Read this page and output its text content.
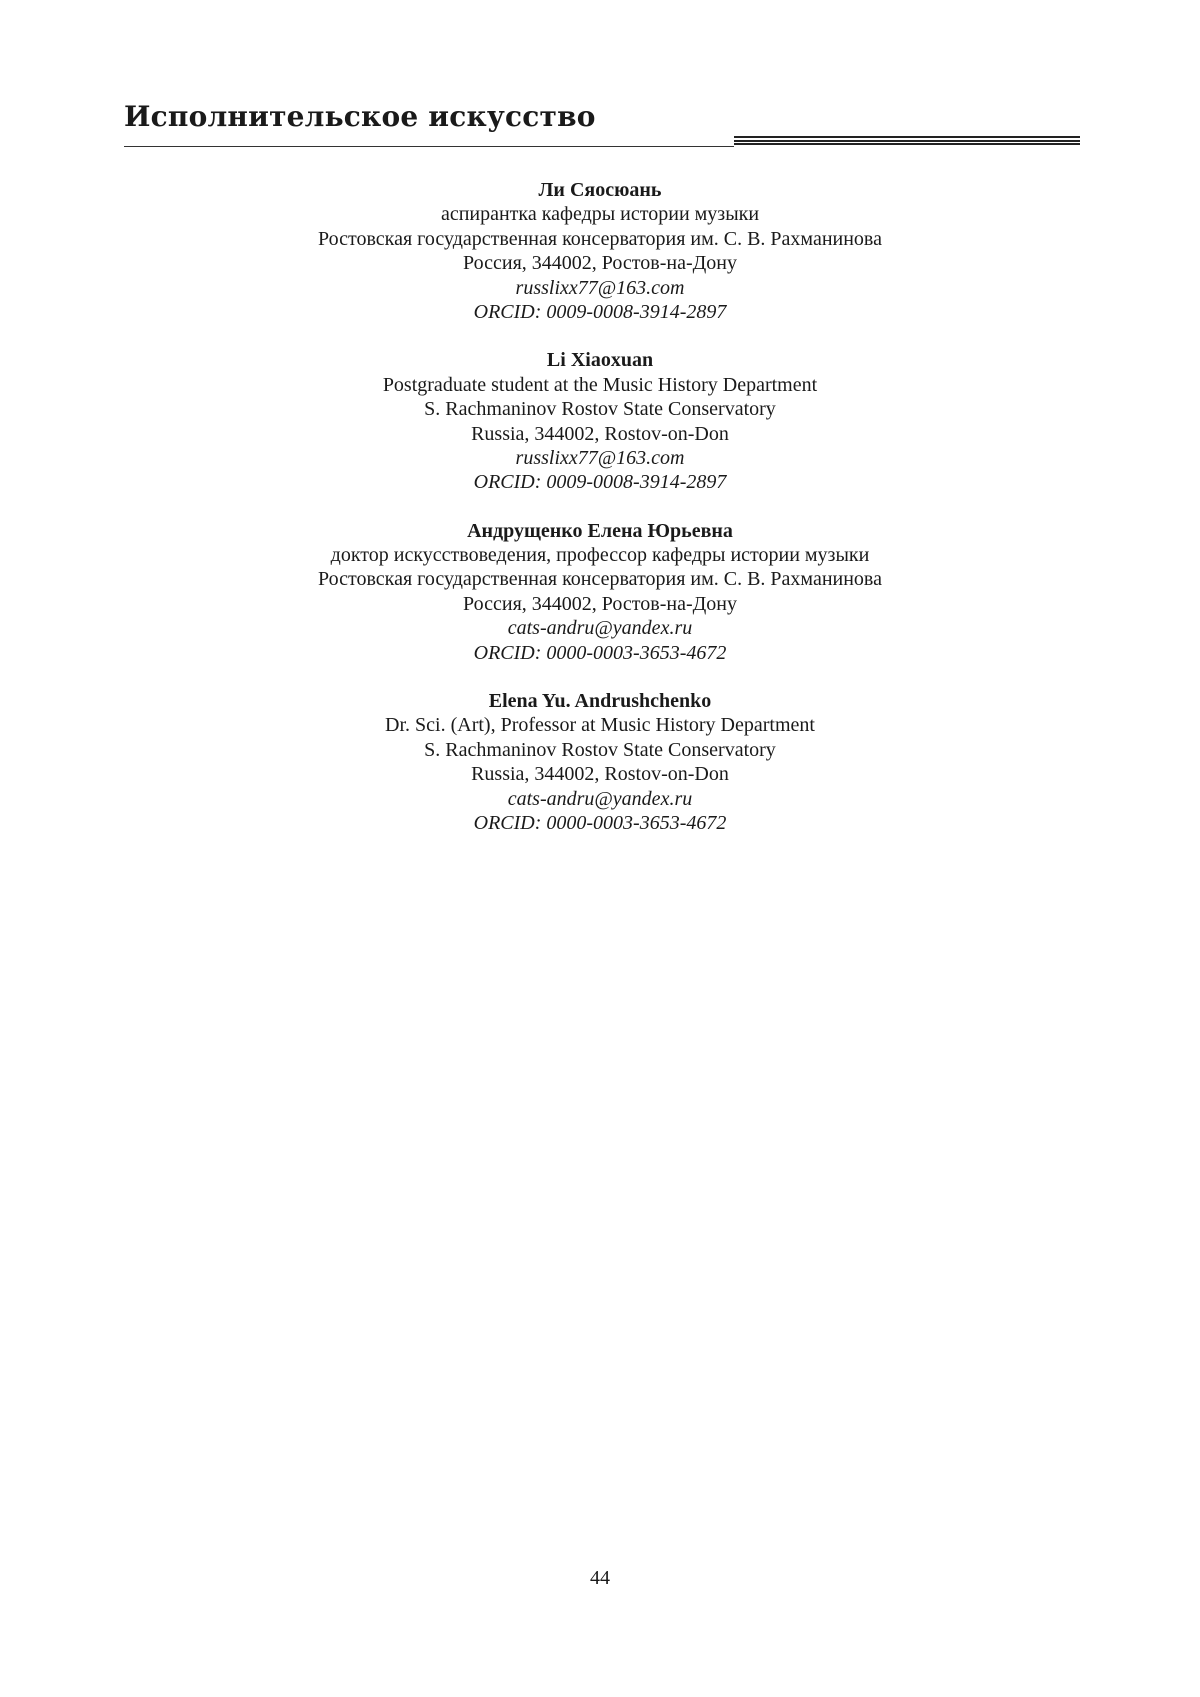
Исполнительское искусство
Ли Сяосюань
аспирантка кафедры истории музыки
Ростовская государственная консерватория им. С. В. Рахманинова
Россия, 344002, Ростов-на-Дону
russlixx77@163.com
ORCID: 0009-0008-3914-2897
Li Xiaoxuan
Postgraduate student at the Music History Department
S. Rachmaninov Rostov State Conservatory
Russia, 344002, Rostov-on-Don
russlixx77@163.com
ORCID: 0009-0008-3914-2897
Андрущенко Елена Юрьевна
доктор искусствоведения, профессор кафедры истории музыки
Ростовская государственная консерватория им. С. В. Рахманинова
Россия, 344002, Ростов-на-Дону
cats-andru@yandex.ru
ORCID: 0000-0003-3653-4672
Elena Yu. Andrushchenko
Dr. Sci. (Art), Professor at Music History Department
S. Rachmaninov Rostov State Conservatory
Russia, 344002, Rostov-on-Don
cats-andru@yandex.ru
ORCID: 0000-0003-3653-4672
44
